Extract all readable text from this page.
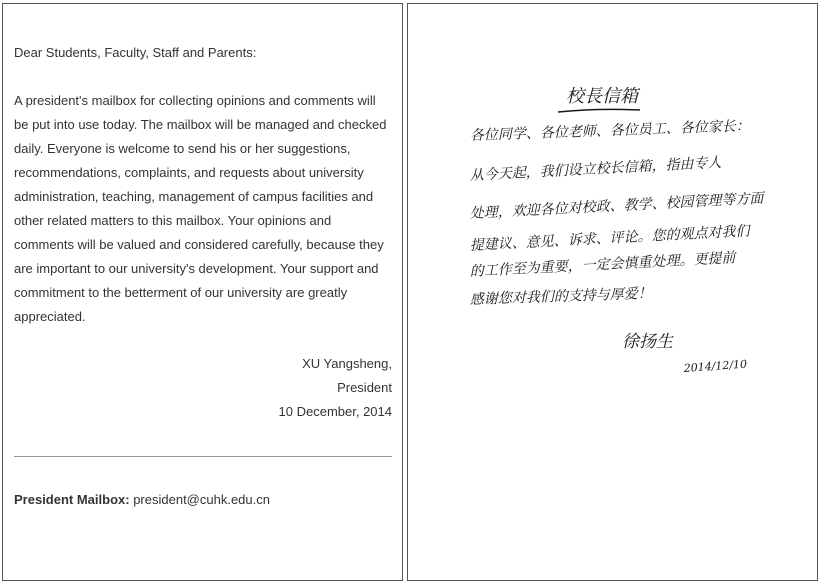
Dear Students, Faculty, Staff and Parents:
A president's mailbox for collecting opinions and comments will be put into use today. The mailbox will be managed and checked daily. Everyone is welcome to send his or her suggestions, recommendations, complaints, and requests about university administration, teaching, management of campus facilities and other related matters to this mailbox. Your opinions and comments will be valued and considered carefully, because they are important to our university's development. Your support and commitment to the betterment of our university are greatly appreciated.
XU Yangsheng,
President
10 December, 2014
President Mailbox: president@cuhk.edu.cn
校長信箱
各位同学、各位老师、各位员工、各位家长：
从今天起，我们设立校长信箱，指由专人
处理，欢迎各位对校政、教学、校园管理等方面
提建议、意见、诉求、评论。您的观点对我们
的工作至为重要，一定会慎重处理。更提前
感谢您对我们的支持与厚爱！
徐扬生
2014/12/10
